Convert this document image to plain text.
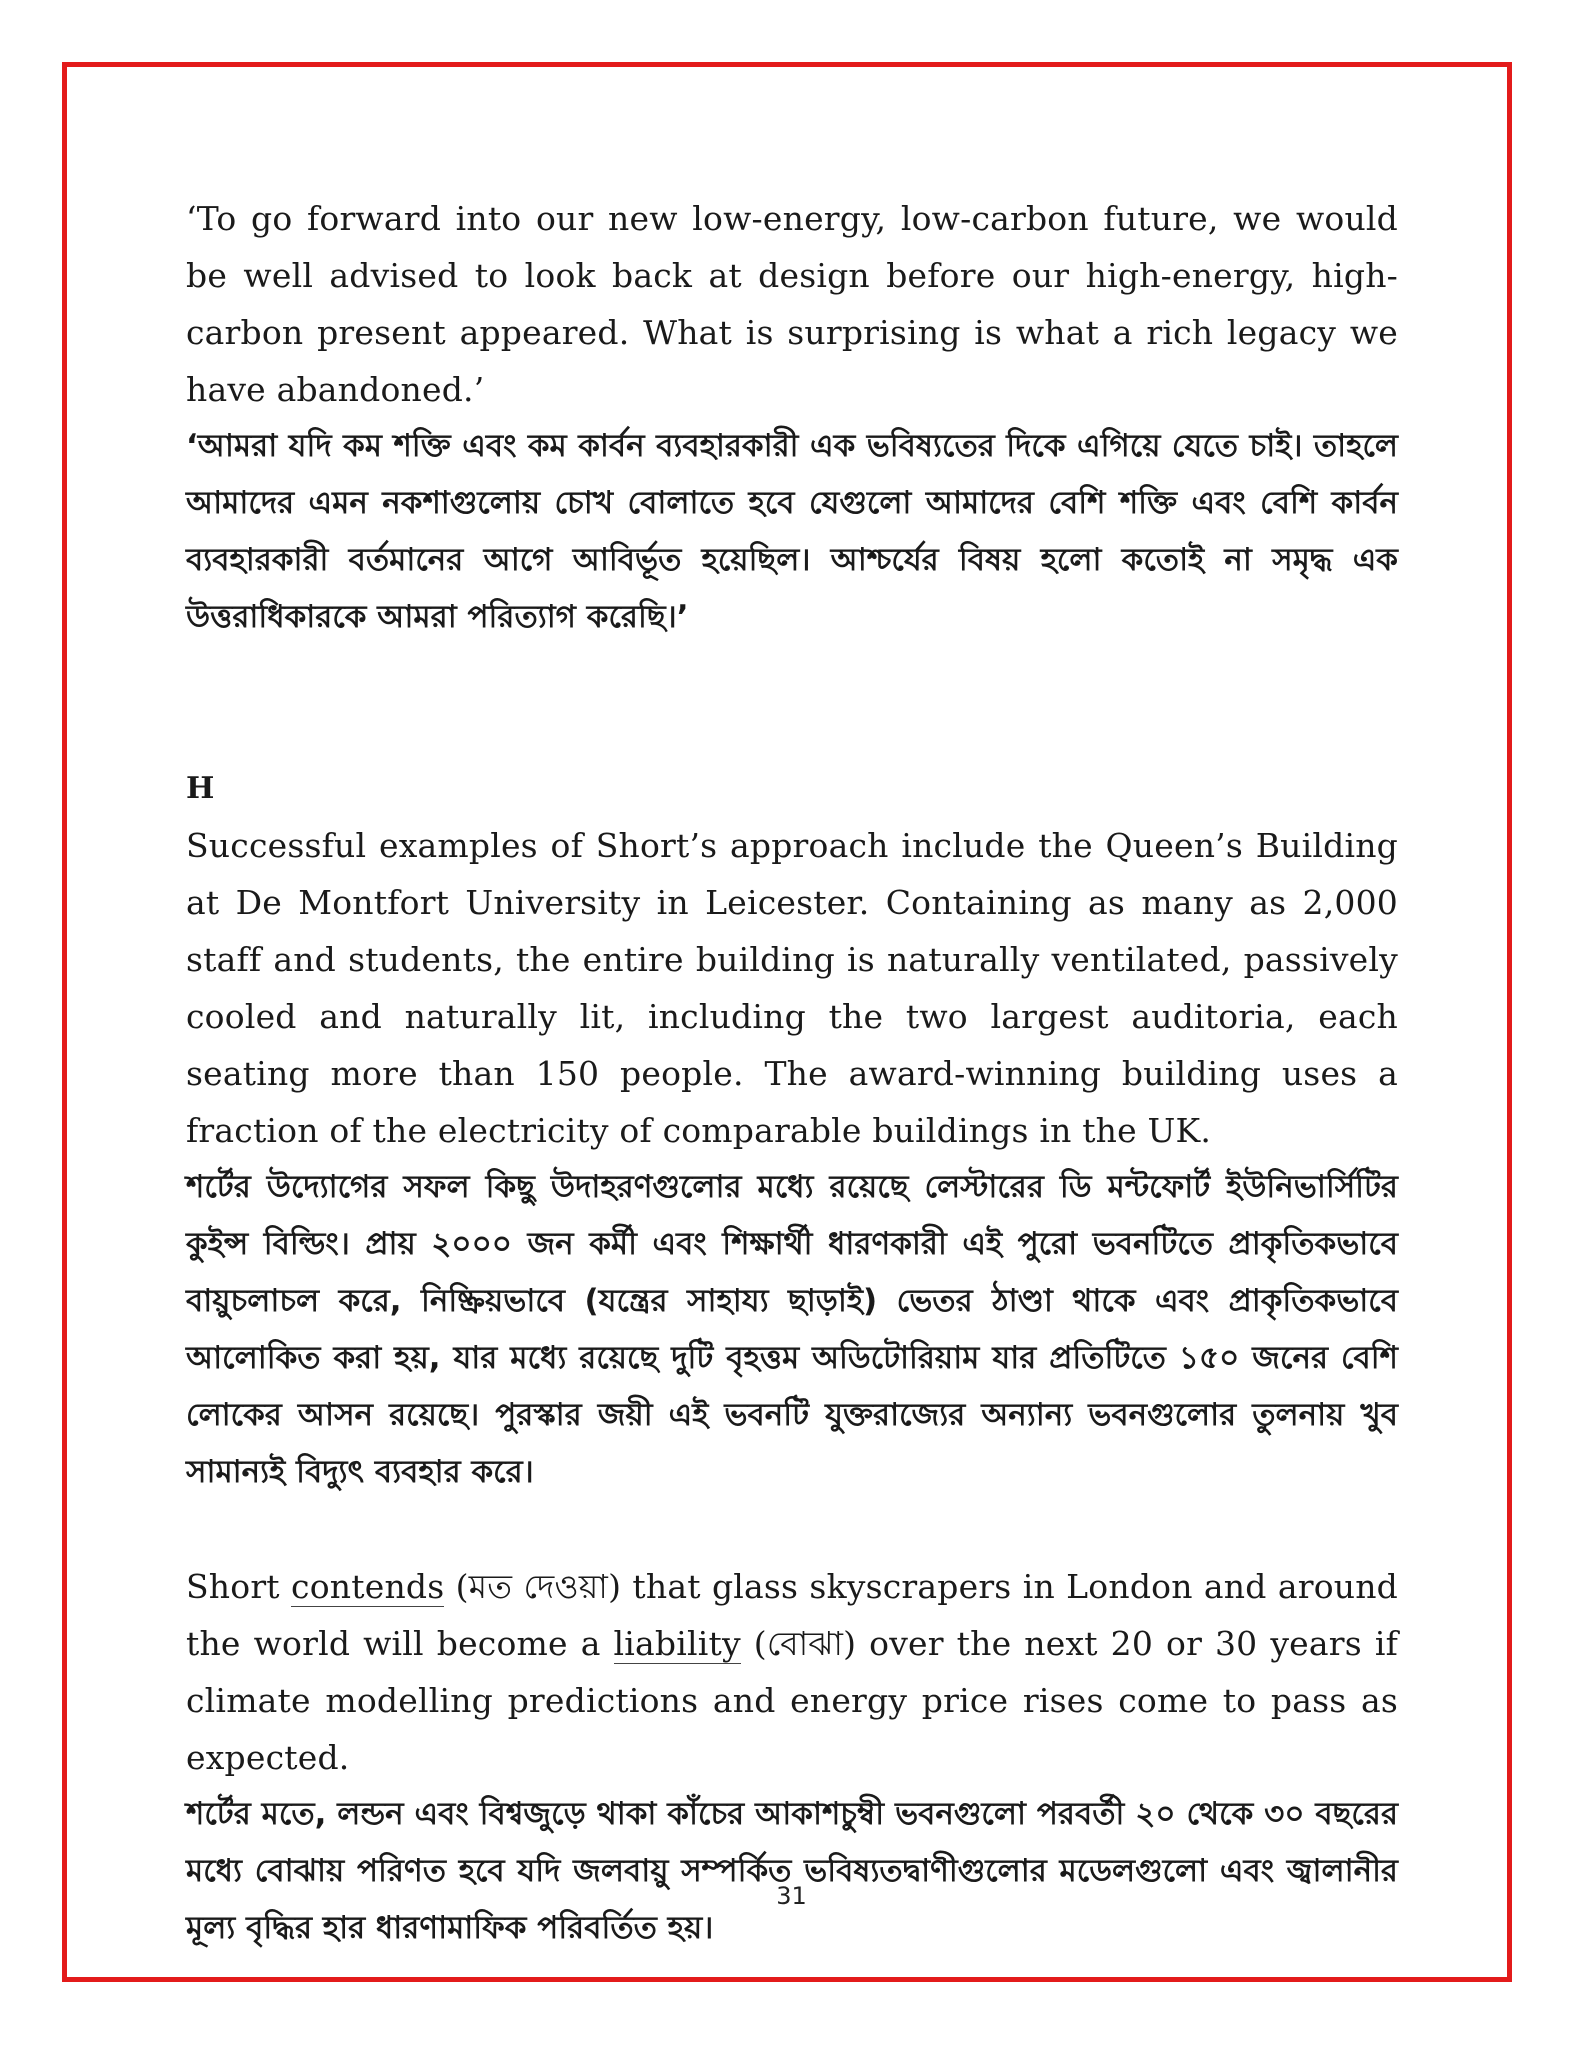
‘To go forward into our new low-energy, low-carbon future, we would be well advised to look back at design before our high-energy, high-carbon present appeared. What is surprising is what a rich legacy we have abandoned.’

‘আমরা যদি কম শক্তি এবং কম কার্বন ব্যবহারকারী এক ভবিষ্যতের দিকে এগিয়ে যেতে চাই। তাহলে আমাদের এমন নকশাগুলোয় চোখ বোলাতে হবে যেগুলো আমাদের বেশি শক্তি এবং বেশি কার্বন ব্যবহারকারী বর্তমানের আগে আবির্ভূত হয়েছিল। আশ্চর্যের বিষয় হলো কতোই না সমৃদ্ধ এক উত্তরাধিকারকে আমরা পরিত্যাগ করেছি।’

H

Successful examples of Short’s approach include the Queen’s Building at De Montfort University in Leicester. Containing as many as 2,000 staff and students, the entire building is naturally ventilated, passively cooled and naturally lit, including the two largest auditoria, each seating more than 150 people. The award-winning building uses a fraction of the electricity of comparable buildings in the UK.

শর্টের উদ্যোগের সফল কিছু উদাহরণগুলোর মধ্যে রয়েছে লেস্টারের ডি মন্টফোর্ট ইউনিভার্সিটির কুইন্স বিল্ডিং। প্রায় ২০০০ জন কর্মী এবং শিক্ষার্থী ধারণকারী এই পুরো ভবনটিতে প্রাকৃতিকভাবে বায়ুচলাচল করে, নিষ্ক্রিয়ভাবে (যন্ত্রের সাহায্য ছাড়াই) ভেতর ঠাণ্ডা থাকে এবং প্রাকৃতিকভাবে আলোকিত করা হয়, যার মধ্যে রয়েছে দুটি বৃহত্তম অডিটোরিয়াম যার প্রতিটিতে ১৫০ জনের বেশি লোকের আসন রয়েছে। পুরস্কার জয়ী এই ভবনটি যুক্তরাজ্যের অন্যান্য ভবনগুলোর তুলনায় খুব সামান্যই বিদ্যুৎ ব্যবহার করে।

Short contends (মত দেওয়া) that glass skyscrapers in London and around the world will become a liability (বোঝা) over the next 20 or 30 years if climate modelling predictions and energy price rises come to pass as expected.

শর্টের মতে, লন্ডন এবং বিশ্বজুড়ে থাকা কাঁচের আকাশচুম্বী ভবনগুলো পরবর্তী ২০ থেকে ৩০ বছরের মধ্যে বোঝায় পরিণত হবে যদি জলবায়ু সম্পর্কিত ভবিষ্যতদ্বাণীগুলোর মডেলগুলো এবং জ্বালানীর মূল্য বৃদ্ধির হার ধারণামাফিক পরিবর্তিত হয়।

31
